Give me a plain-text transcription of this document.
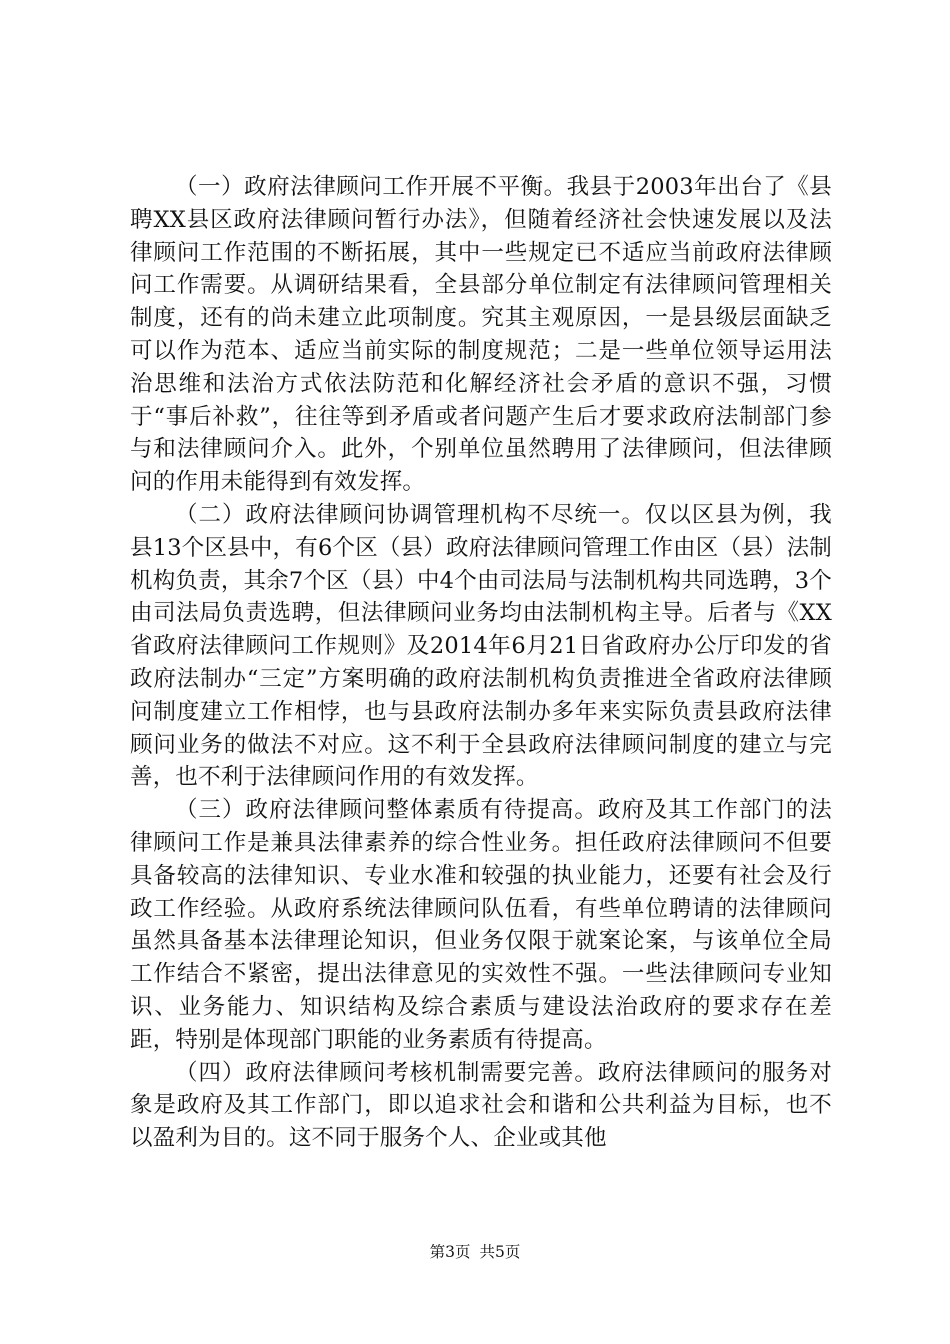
（一）政府法律顾问工作开展不平衡。我县于2003年出台了《县聘XX县区政府法律顾问暂行办法》，但随着经济社会快速发展以及法律顾问工作范围的不断拓展，其中一些规定已不适应当前政府法律顾问工作需要。从调研结果看，全县部分单位制定有法律顾问管理相关制度，还有的尚未建立此项制度。究其主观原因，一是县级层面缺乏可以作为范本、适应当前实际的制度规范；二是一些单位领导运用法治思维和法治方式依法防范和化解经济社会矛盾的意识不强，习惯于“事后补救”，往往等到矛盾或者问题产生后才要求政府法制部门参与和法律顾问介入。此外，个别单位虽然聘用了法律顾问，但法律顾问的作用未能得到有效发挥。

（二）政府法律顾问协调管理机构不尽统一。仅以区县为例，我县13个区县中，有6个区（县）政府法律顾问管理工作由区（县）法制机构负责，其余7个区（县）中4个由司法局与法制机构共同选聘，3个由司法局负责选聘，但法律顾问业务均由法制机构主导。后者与《XX省政府法律顾问工作规则》及2014年6月21日省政府办公厅印发的省政府法制办“三定”方案明确的政府法制机构负责推进全省政府法律顾问制度建立工作相悖，也与县政府法制办多年来实际负责县政府法律顾问业务的做法不对应。这不利于全县政府法律顾问制度的建立与完善，也不利于法律顾问作用的有效发挥。

（三）政府法律顾问整体素质有待提高。政府及其工作部门的法律顾问工作是兼具法律素养的综合性业务。担任政府法律顾问不但要具备较高的法律知识、专业水准和较强的执业能力，还要有社会及行政工作经验。从政府系统法律顾问队伍看，有些单位聘请的法律顾问虽然具备基本法律理论知识，但业务仅限于就案论案，与该单位全局工作结合不紧密，提出法律意见的实效性不强。一些法律顾问专业知识、业务能力、知识结构及综合素质与建设法治政府的要求存在差距，特别是体现部门职能的业务素质有待提高。

（四）政府法律顾问考核机制需要完善。政府法律顾问的服务对象是政府及其工作部门，即以追求社会和谐和公共利益为目标，也不以盈利为目的。这不同于服务个人、企业或其他

第3页 共5页
